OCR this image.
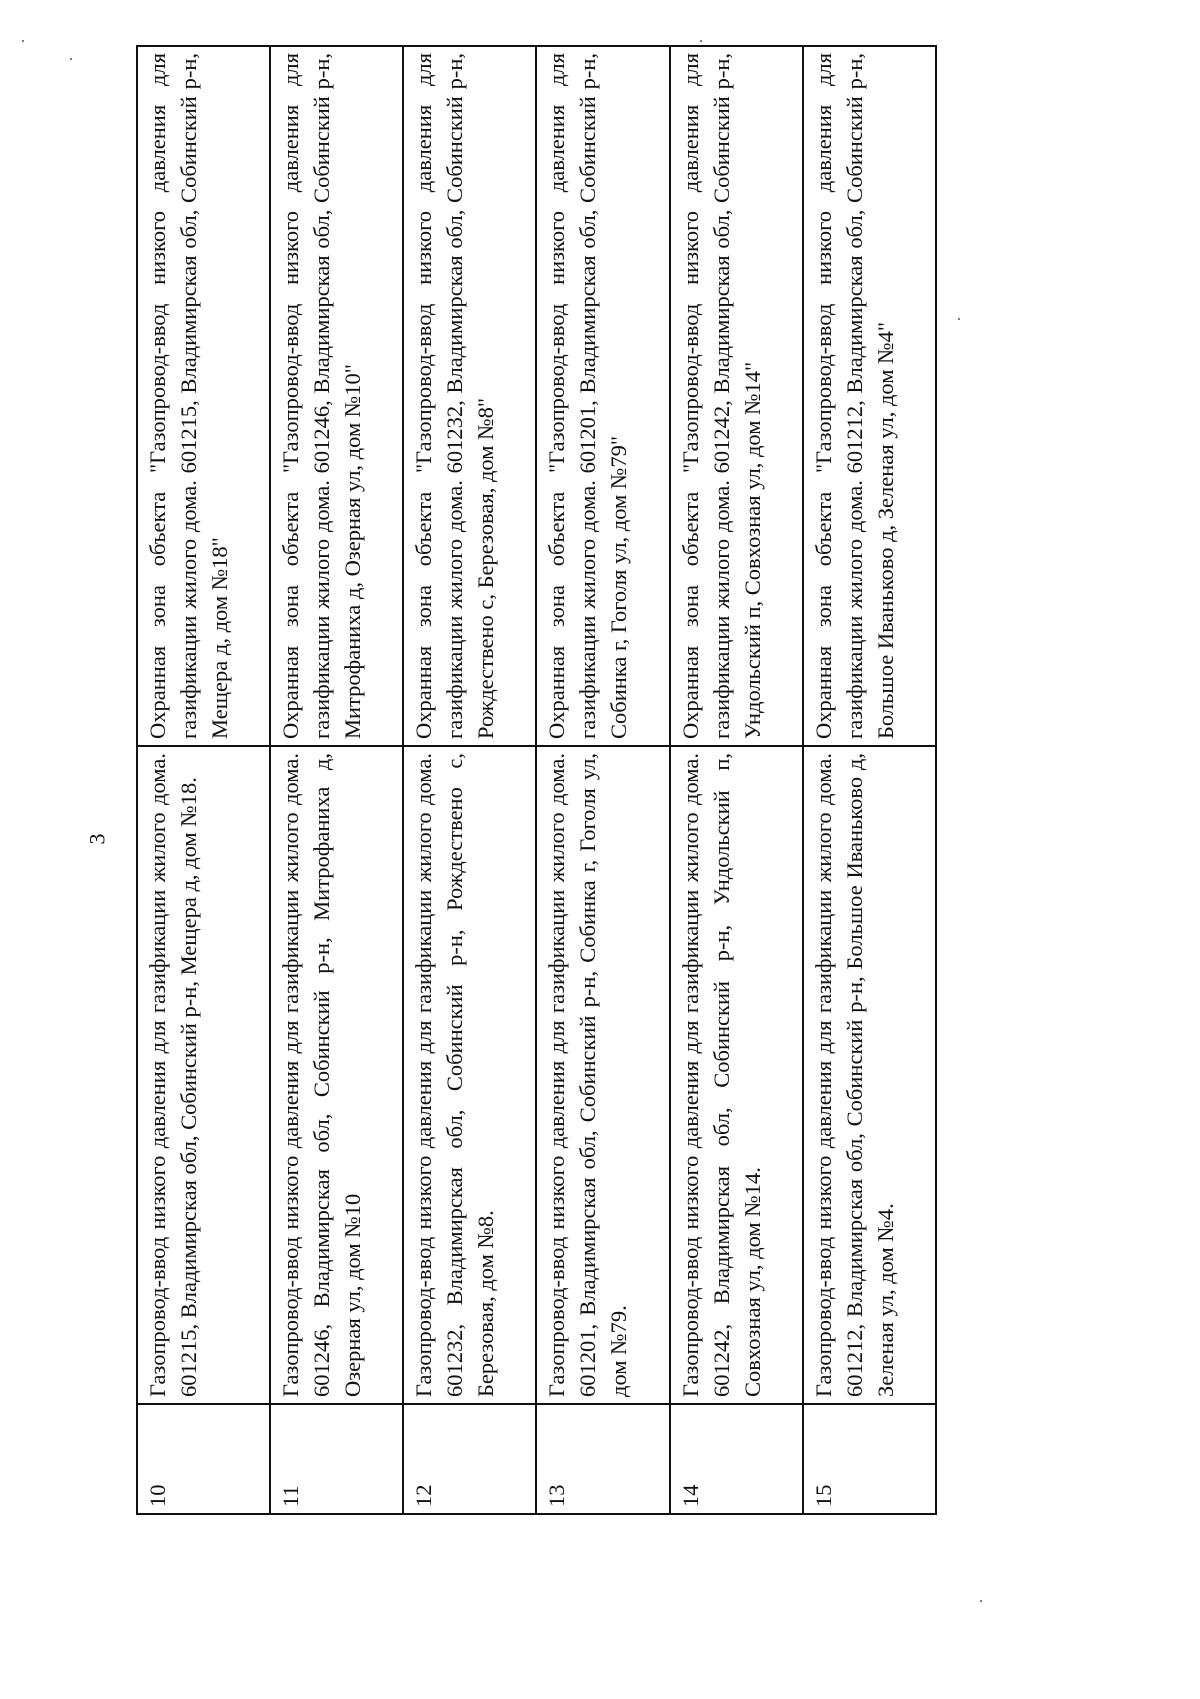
3
10	Газопровод-ввод низкого давления для газификации жилого дома. 601215, Владимирская обл, Собинский р-н, Мещера д, дом №18.	Охранная зона объекта "Газопровод-ввод низкого давления для газификации жилого дома. 601215, Владимирская обл, Собинский р-н, Мещера д, дом №18"
11	Газопровод-ввод низкого давления для газификации жилого дома. 601246, Владимирская обл, Собинский р-н, Митрофаниха д, Озерная ул, дом №10	Охранная зона объекта "Газопровод-ввод низкого давления для газификации жилого дома. 601246, Владимирская обл, Собинский р-н, Митрофаниха д, Озерная ул, дом №10"
12	Газопровод-ввод низкого давления для газификации жилого дома. 601232, Владимирская обл, Собинский р-н, Рождествено с, Березовая, дом №8.	Охранная зона объекта "Газопровод-ввод низкого давления для газификации жилого дома. 601232, Владимирская обл, Собинский р-н, Рождествено с, Березовая, дом №8"
13	Газопровод-ввод низкого давления для газификации жилого дома. 601201, Владимирская обл, Собинский р-н, Собинка г, Гоголя ул, дом №79.	Охранная зона объекта "Газопровод-ввод низкого давления для газификации жилого дома. 601201, Владимирская обл, Собинский р-н, Собинка г, Гоголя ул, дом №79"
14	Газопровод-ввод низкого давления для газификации жилого дома. 601242, Владимирская обл, Собинский р-н, Ундольский п, Совхозная ул, дом №14.	Охранная зона объекта "Газопровод-ввод низкого давления для газификации жилого дома. 601242, Владимирская обл, Собинский р-н, Ундольский п, Совхозная ул, дом №14"
15	Газопровод-ввод низкого давления для газификации жилого дома. 601212, Владимирская обл, Собинский р-н, Большое Иваньково д, Зеленая ул, дом №4.	Охранная зона объекта "Газопровод-ввод низкого давления для газификации жилого дома. 601212, Владимирская обл, Собинский р-н, Большое Иваньково д, Зеленая ул, дом №4"
